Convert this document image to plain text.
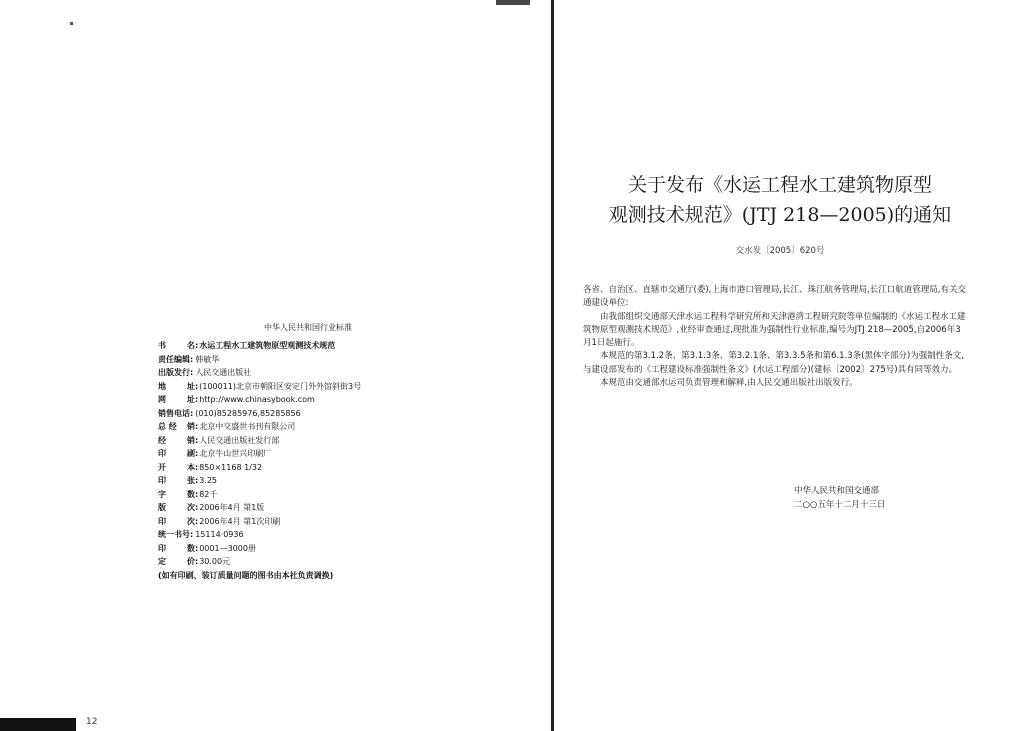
中华人民共和国行业标准
书	名: 水运工程水工建筑物原型观测技术规范
责任编辑: 韩敏华
出版发行: 人民交通出版社
地	址: (100011)北京市朝阳区安定门外外馆斜街3号
网	址: http://www.chinasybook.com
销售电话: (010)85285976,85285856
总 经	销: 北京中交盛世书刊有限公司
经	销: 人民交通出版社发行部
印	刷: 北京牛山世兴印刷厂
开	本: 850×1168 1/32
印	张: 3.25
字	数: 82千
版	次: 2006年4月 第1版
印	次: 2006年4月 第1次印刷
统一书号: 15114·0936
印	数: 0001—3000册
定	价: 30.00元
(如有印刷、装订质量问题的图书由本社负责调换)
12
关于发布《水运工程水工建筑物原型
观测技术规范》(JTJ 218—2005)的通知
交水发〔2005〕620号

各省、自治区、直辖市交通厅(委),上海市港口管理局,长江、珠江航务管理局,长江口航道管理局,有关交通建设单位:

由我部组织交通部天津水运工程科学研究所和天津港湾工程研究院等单位编制的《水运工程水工建筑物原型观测技术规范》,业经审查通过,现批准为强制性行业标准,编号为JTJ 218—2005,自2006年3月1日起施行。

本规范的第3.1.2条、第3.1.3条、第3.2.1条、第3.3.5条和第6.1.3条(黑体字部分)为强制性条文,与建设部发布的《工程建设标准强制性条文》(水运工程部分)(建标〔2002〕275号)具有同等效力。

本规范由交通部水运司负责管理和解释,由人民交通出版社出版发行。

中华人民共和国交通部
二○○五年十二月十三日
